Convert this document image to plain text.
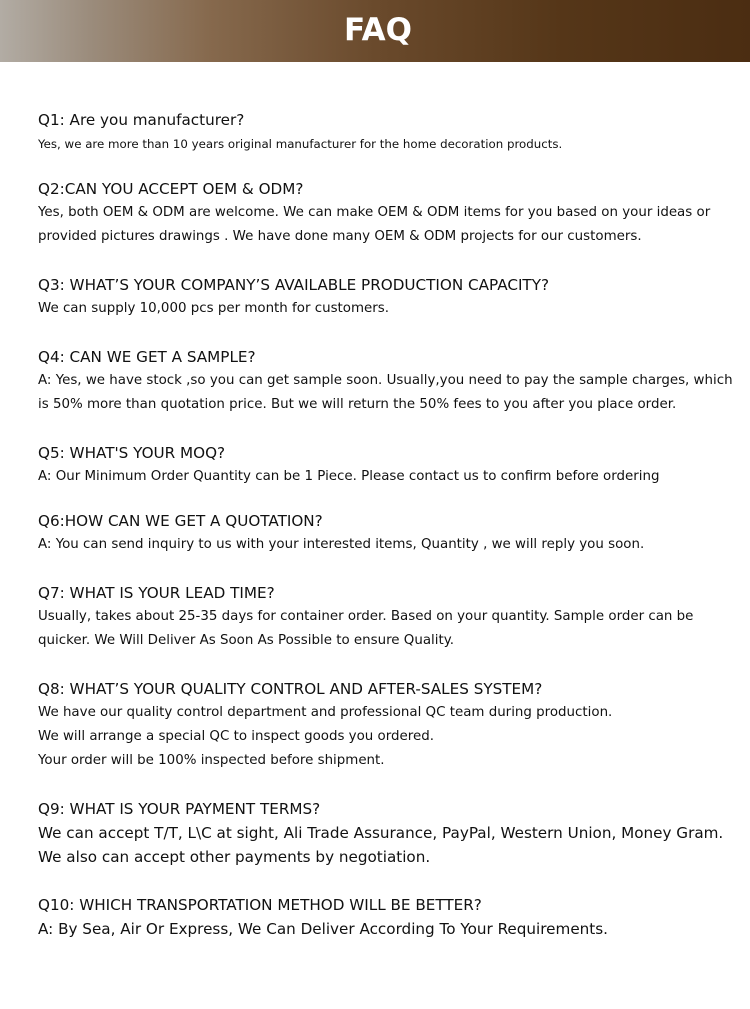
FAQ
Q1: Are you manufacturer?
Yes, we are more than 10 years original manufacturer for the home decoration products.
Q2:CAN YOU ACCEPT OEM & ODM?
Yes, both OEM & ODM are welcome. We can make OEM & ODM items for you based on your ideas or
provided pictures drawings . We have done many OEM & ODM projects for our customers.
Q3: WHAT’S YOUR COMPANY’S AVAILABLE PRODUCTION CAPACITY?
We can supply 10,000 pcs per month for customers.
Q4: CAN WE GET A SAMPLE?
A: Yes, we have stock ,so you can get sample soon. Usually,you need to pay the sample charges, which
is 50% more than quotation price. But we will return the 50% fees to you after you place order.
Q5: WHAT'S YOUR MOQ?
A: Our Minimum Order Quantity can be 1 Piece. Please contact us to confirm before ordering
Q6:HOW CAN WE GET A QUOTATION?
A: You can send inquiry to us with your interested items, Quantity , we will reply you soon.
Q7: WHAT IS YOUR LEAD TIME?
Usually, takes about 25-35 days for container order. Based on your quantity. Sample order can be
quicker. We Will Deliver As Soon As Possible to ensure Quality.
Q8: WHAT’S YOUR QUALITY CONTROL AND AFTER-SALES SYSTEM?
We have our quality control department and professional QC team during production.
We will arrange a special QC to inspect goods you ordered.
Your order will be 100% inspected before shipment.
Q9: WHAT IS YOUR PAYMENT TERMS?
We can accept T/T, L\C at sight, Ali Trade Assurance, PayPal, Western Union, Money Gram.
We also can accept other payments by negotiation.
Q10: WHICH TRANSPORTATION METHOD WILL BE BETTER?
A: By Sea, Air Or Express, We Can Deliver According To Your Requirements.
